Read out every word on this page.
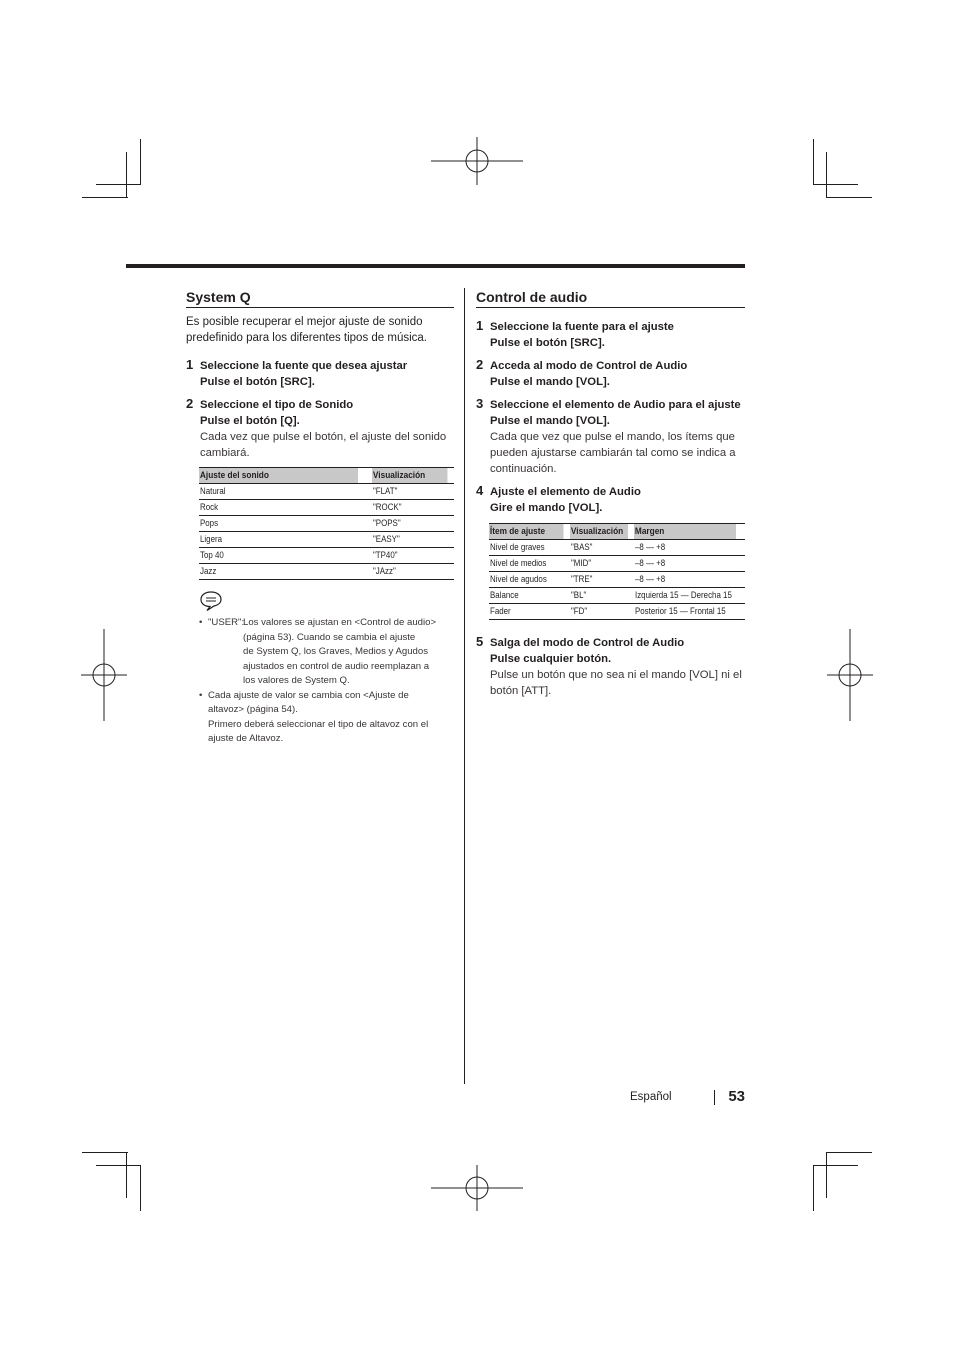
System Q

Es posible recuperar el mejor ajuste de sonido predefinido para los diferentes tipos de música.

1 Seleccione la fuente que desea ajustar
Pulse el botón [SRC].
2 Seleccione el tipo de Sonido
Pulse el botón [Q].
Cada vez que pulse el botón, el ajuste del sonido cambiará.
Ajuste del sonido	Visualización
Natural	"FLAT"
Rock	"ROCK"
Pops	"POPS"
Ligera	"EASY"
Top 40	"TP40"
Jazz	"JAzz"
• "USER":
Los valores se ajustan en <Control de audio>
(página 53). Cuando se cambia el ajuste
de System Q, los Graves, Medios y Agudos
ajustados en control de audio reemplazan a
los valores de System Q.
• Cada ajuste de valor se cambia con <Ajuste de
altavoz> (página 54).
Primero deberá seleccionar el tipo de altavoz con el
ajuste de Altavoz.
Control de audio
1 Seleccione la fuente para el ajuste
Pulse el botón [SRC].
2 Acceda al modo de Control de Audio
Pulse el mando [VOL].
3 Seleccione el elemento de Audio para el ajuste
Pulse el mando [VOL].
Cada que vez que pulse el mando, los ítems que pueden ajustarse cambiarán tal como se indica a continuación.
4 Ajuste el elemento de Audio
Gire el mando [VOL].
Ítem de ajuste	Visualización	Margen
Nivel de graves	"BAS"	–8 — +8
Nivel de medios	"MID"	–8 — +8
Nivel de agudos	"TRE"	–8 — +8
Balance	"BL"	Izquierda 15 — Derecha 15
Fader	"FD"	Posterior 15 — Frontal 15
5 Salga del modo de Control de Audio
Pulse cualquier botón.
Pulse un botón que no sea ni el mando [VOL] ni el botón [ATT].
Español	53
